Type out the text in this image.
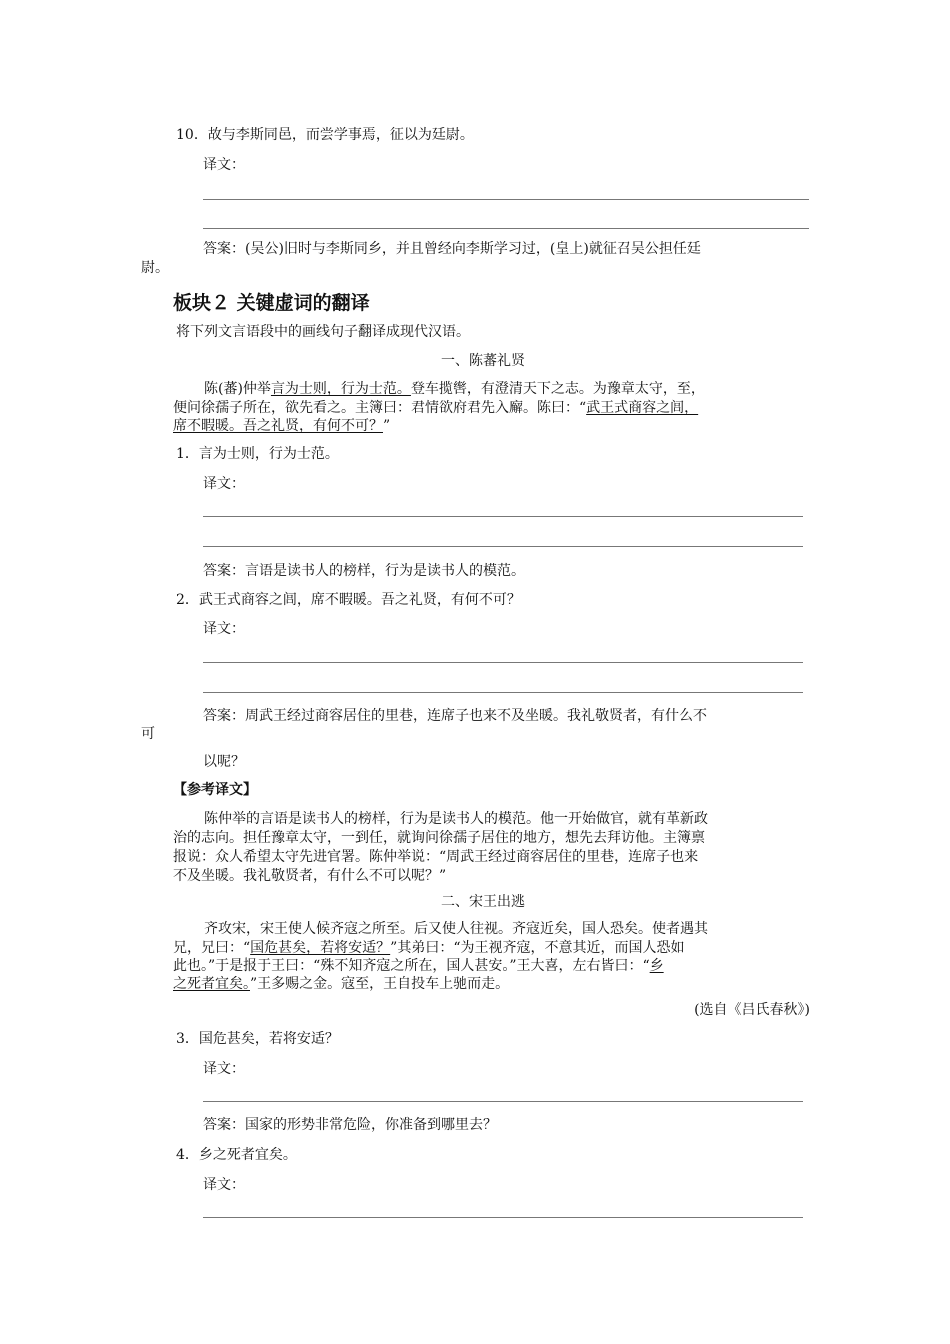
10．故与李斯同邑，而尝学事焉，征以为廷尉。
译文：
答案：(吴公)旧时与李斯同乡，并且曾经向李斯学习过，(皇上)就征召吴公担任廷
尉。
板块２ 关键虚词的翻译
将下列文言语段中的画线句子翻译成现代汉语。
一、陈蕃礼贤
陈(蕃)仲举言为士则，行为士范。登车揽辔，有澄清天下之志。为豫章太守，至，
便问徐孺子所在，欲先看之。主簿曰：君情欲府君先入廨。陈曰：“武王式商容之闾，
席不暇暖。吾之礼贤，有何不可？”
1．言为士则，行为士范。
译文：
答案：言语是读书人的榜样，行为是读书人的模范。
2．武王式商容之闾，席不暇暖。吾之礼贤，有何不可？
译文：
答案：周武王经过商容居住的里巷，连席子也来不及坐暖。我礼敬贤者，有什么不
可
以呢？
【参考译文】
陈仲举的言语是读书人的榜样，行为是读书人的模范。他一开始做官，就有革新政
治的志向。担任豫章太守，一到任，就询问徐孺子居住的地方，想先去拜访他。主簿禀
报说：众人希望太守先进官署。陈仲举说：“周武王经过商容居住的里巷，连席子也来
不及坐暖。我礼敬贤者，有什么不可以呢？”
二、宋王出逃
齐攻宋，宋王使人候齐寇之所至。后又使人往视。齐寇近矣，国人恐矣。使者遇其
兄，兄曰：“国危甚矣，若将安适？”其弟曰：“为王视齐寇，不意其近，而国人恐如
此也。”于是报于王曰：“殊不知齐寇之所在，国人甚安。”王大喜，左右皆曰：“乡
之死者宜矣。”王多赐之金。寇至，王自投车上驰而走。
(选自《吕氏春秋》)
3．国危甚矣，若将安适？
译文：
答案：国家的形势非常危险，你准备到哪里去？
4．乡之死者宜矣。
译文：
